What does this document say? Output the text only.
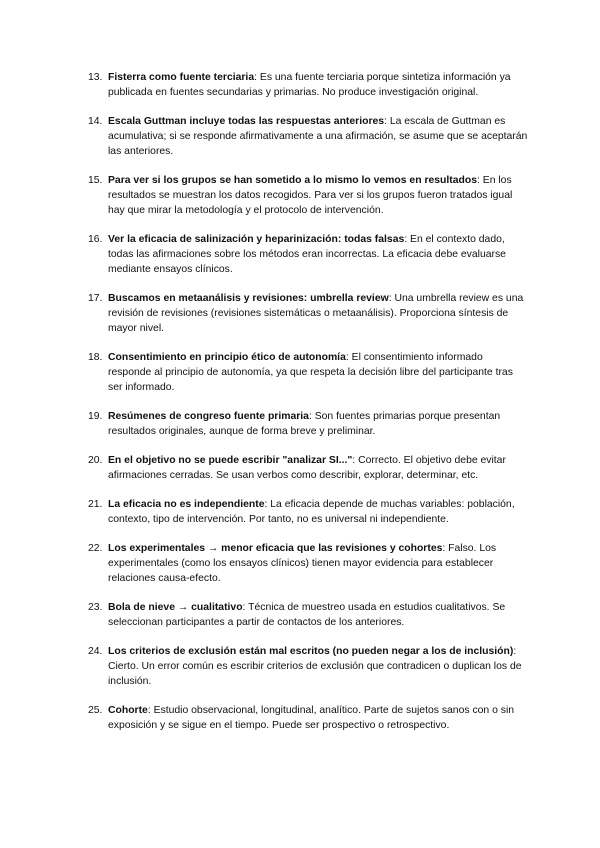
13. Fisterra como fuente terciaria: Es una fuente terciaria porque sintetiza información ya publicada en fuentes secundarias y primarias. No produce investigación original.
14. Escala Guttman incluye todas las respuestas anteriores: La escala de Guttman es acumulativa; si se responde afirmativamente a una afirmación, se asume que se aceptarán las anteriores.
15. Para ver si los grupos se han sometido a lo mismo lo vemos en resultados: En los resultados se muestran los datos recogidos. Para ver si los grupos fueron tratados igual hay que mirar la metodología y el protocolo de intervención.
16. Ver la eficacia de salinización y heparinización: todas falsas: En el contexto dado, todas las afirmaciones sobre los métodos eran incorrectas. La eficacia debe evaluarse mediante ensayos clínicos.
17. Buscamos en metaanálisis y revisiones: umbrella review: Una umbrella review es una revisión de revisiones (revisiones sistemáticas o metaanálisis). Proporciona síntesis de mayor nivel.
18. Consentimiento en principio ético de autonomía: El consentimiento informado responde al principio de autonomía, ya que respeta la decisión libre del participante tras ser informado.
19. Resúmenes de congreso fuente primaria: Son fuentes primarias porque presentan resultados originales, aunque de forma breve y preliminar.
20. En el objetivo no se puede escribir "analizar SI...": Correcto. El objetivo debe evitar afirmaciones cerradas. Se usan verbos como describir, explorar, determinar, etc.
21. La eficacia no es independiente: La eficacia depende de muchas variables: población, contexto, tipo de intervención. Por tanto, no es universal ni independiente.
22. Los experimentales → menor eficacia que las revisiones y cohortes: Falso. Los experimentales (como los ensayos clínicos) tienen mayor evidencia para establecer relaciones causa-efecto.
23. Bola de nieve → cualitativo: Técnica de muestreo usada en estudios cualitativos. Se seleccionan participantes a partir de contactos de los anteriores.
24. Los criterios de exclusión están mal escritos (no pueden negar a los de inclusión): Cierto. Un error común es escribir criterios de exclusión que contradicen o duplican los de inclusión.
25. Cohorte: Estudio observacional, longitudinal, analítico. Parte de sujetos sanos con o sin exposición y se sigue en el tiempo. Puede ser prospectivo o retrospectivo.
